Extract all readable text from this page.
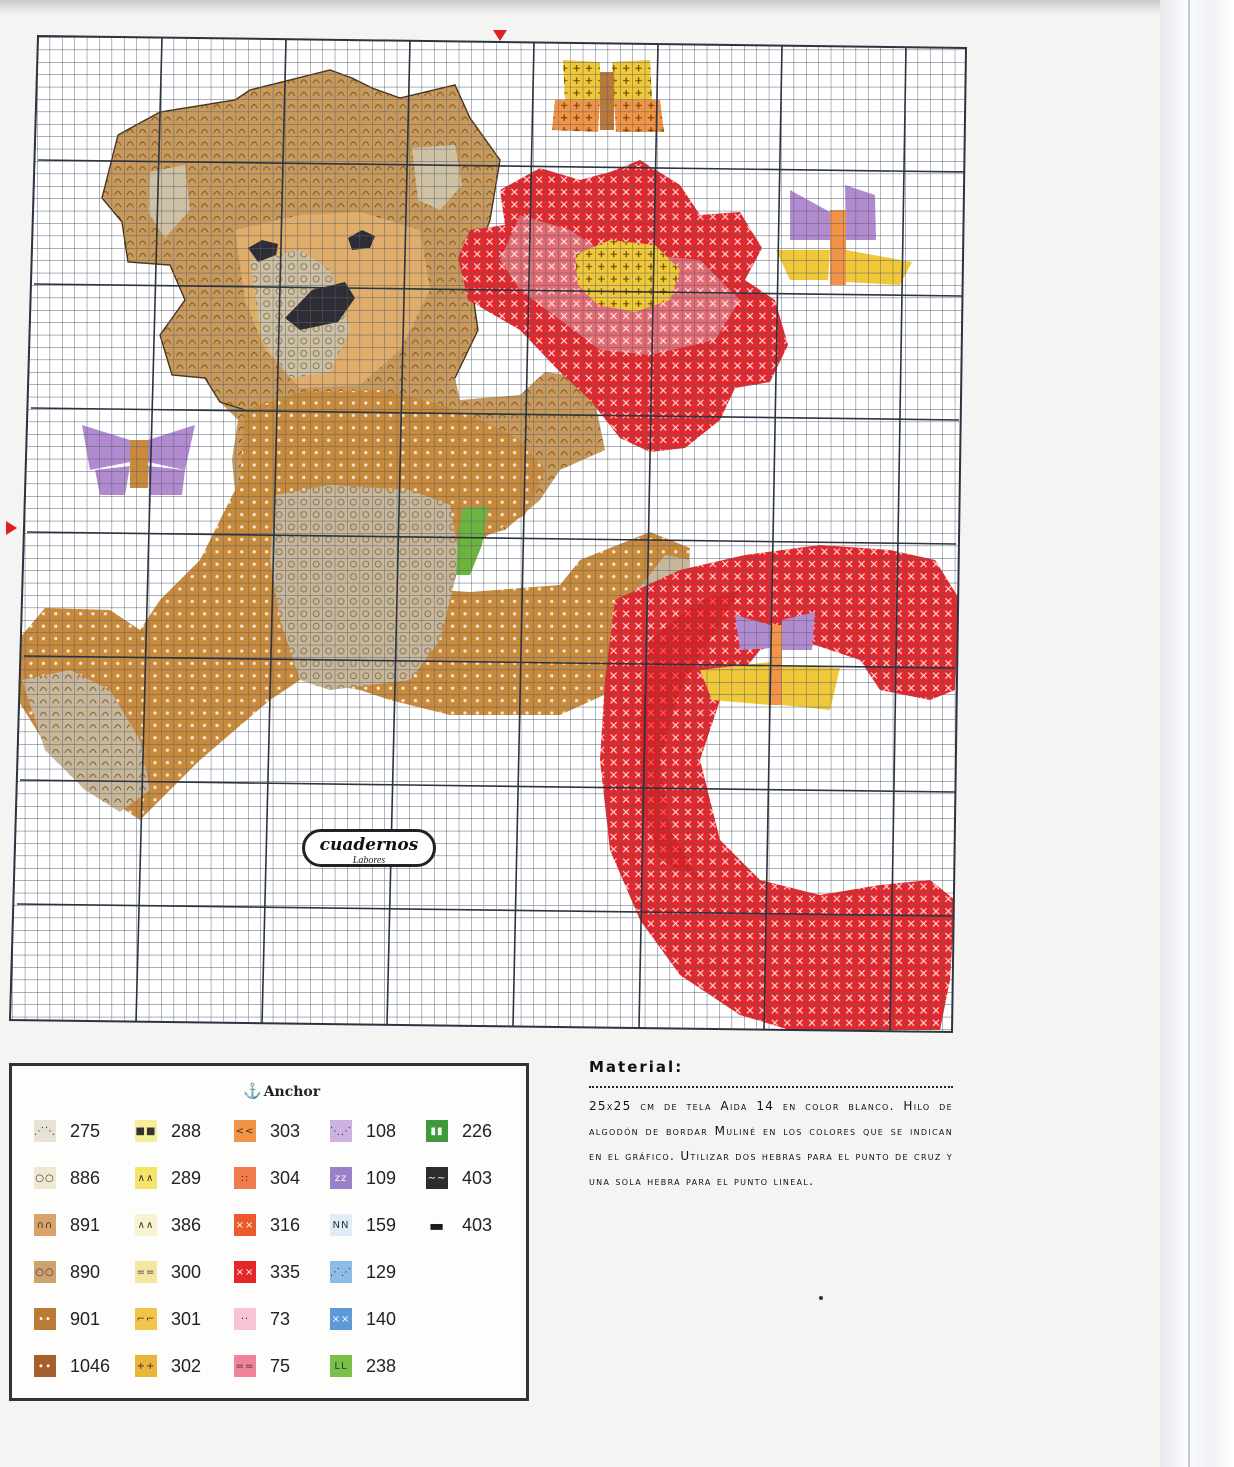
cuadernos
Labores
⚓ Anchor
⋰⋱ 275
○○ 886
∩∩ 891
○○ 890
•• 901
∙∙ 1046
■■ 288
∧∧ 289
∧∧ 386
== 300
⌐⌐ 301
++ 302
<< 303
:: 304
×× 316
×× 335
·· 73
== 75
⋱⋰ 108
zz 109
NN 159
⋰⋰ 129
×× 140
LL 238
▮▮ 226
∼∼ 403
▬ 403
Material:

25x25 cm de tela Aida 14 en color blanco. Hilo de algodón de bordar Muliné en los colores que se indican en el gráfico. Utilizar dos hebras para el punto de cruz y una sola hebra para el punto lineal.
